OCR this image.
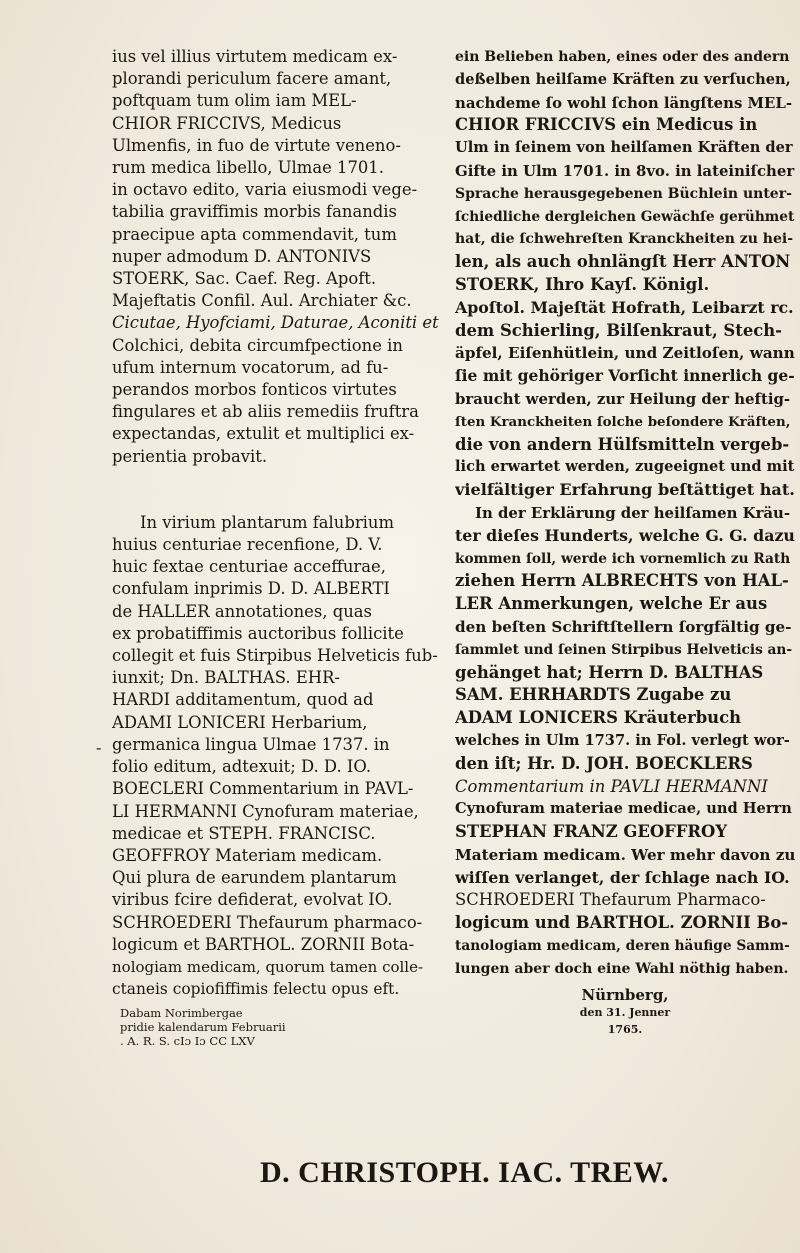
ius vel illius virtutem medicam ex-
plorandi periculum facere amant,
poftquam tum olim iam MEL-
CHIOR FRICCIVS, Medicus
Ulmenfis, in fuo de virtute veneno-
rum medica libello, Ulmae 1701.
in octavo edito, varia eiusmodi vege-
tabilia graviffimis morbis fanandis
praecipue apta commendavit, tum
nuper admodum D. ANTONIVS
STOERK, Sac. Caef. Reg. Apoft.
Majeftatis Confil. Aul. Archiater &c.
Cicutae, Hyofciami, Daturae, Aconiti et
Colchici, debita circumfpectione in
ufum internum vocatorum, ad fu-
perandos morbos fonticos virtutes
fingulares et ab aliis remediis fruftra
expectandas, extulit et multiplici ex-
perientia probavit.
In virium plantarum falubrium
huius centuriae recenfione, D. V.
huic fextae centuriae acceffurae,
confulam inprimis D. D. ALBERTI
de HALLER annotationes, quas
ex probatiffimis auctoribus follicite
collegit et fuis Stirpibus Helveticis fub-
iunxit; Dn. BALTHAS. EHR-
HARDI additamentum, quod ad
ADAMI LONICERI Herbarium,
germanica lingua Ulmae 1737. in
folio editum, adtexuit; D. D. IO.
BOECLERI Commentarium in PAVL-
LI HERMANNI Cynofuram materiae,
medicae et STEPH. FRANCISC.
GEOFFROY Materiam medicam.
Qui plura de earundem plantarum
viribus fcire defiderat, evolvat IO.
SCHROEDERI Thefaurum pharmaco-
logicum et BARTHOL. ZORNII Bota-
nologiam medicam, quorum tamen colle-
ctaneis copiofiffimis felectu opus eft.
Dabam Norimbergae
pridie kalendarum Februarii
. A. R. S. cIɔ Iɔ CC LXV
-
ein Belieben haben, eines oder des andern
deßelben heilſame Kräften zu verſuchen,
nachdeme ſo wohl ſchon längſtens MEL-
CHIOR FRICCIVS ein Medicus in
Ulm in ſeinem von heilſamen Kräften der
Gifte in Ulm 1701. in 8vo. in lateiniſcher
Sprache herausgegebenen Büchlein unter-
ſchiedliche dergleichen Gewächſe gerühmet
hat, die ſchwehreſten Kranckheiten zu hei-
len, als auch ohnlängſt Herr ANTON
STOERK, Ihro Kayſ. Königl.
Apoſtol. Majeſtät Hofrath, Leibarzt rc.
dem Schierling, Bilſenkraut, Stech-
äpfel, Eiſenhütlein, und Zeitloſen, wann
ſie mit gehöriger Vorſicht innerlich ge-
braucht werden, zur Heilung der heftig-
ſten Kranckheiten ſolche beſondere Kräften,
die von andern Hülfsmitteln vergeb-
lich erwartet werden, zugeeignet und mit
vielfältiger Erfahrung beſtättiget hat.
In der Erklärung der heilſamen Kräu-
ter dieſes Hunderts, welche G. G. dazu
kommen ſoll, werde ich vornemlich zu Rath
ziehen Herrn ALBRECHTS von HAL-
LER Anmerkungen, welche Er aus
den beſten Schriftſtellern ſorgfältig ge-
ſammlet und ſeinen Stirpibus Helveticis an-
gehänget hat; Herrn D. BALTHAS
SAM. EHRHARDTS Zugabe zu
ADAM LONICERS Kräuterbuch
welches in Ulm 1737. in Fol. verlegt wor-
den iſt; Hr. D. JOH. BOECKLERS
Commentarium in PAVLI HERMANNI
Cynofuram materiae medicae, und Herrn
STEPHAN FRANZ GEOFFROY
Materiam medicam. Wer mehr davon zu
wiſſen verlanget, der ſchlage nach IO.
SCHROEDERI Thefaurum Pharmaco-
logicum und BARTHOL. ZORNII Bo-
tanologiam medicam, deren häufige Samm-
lungen aber doch eine Wahl nöthig haben.
Nürnberg,
den 31. Jenner
1765.
D. CHRISTOPH. IAC. TREW.
